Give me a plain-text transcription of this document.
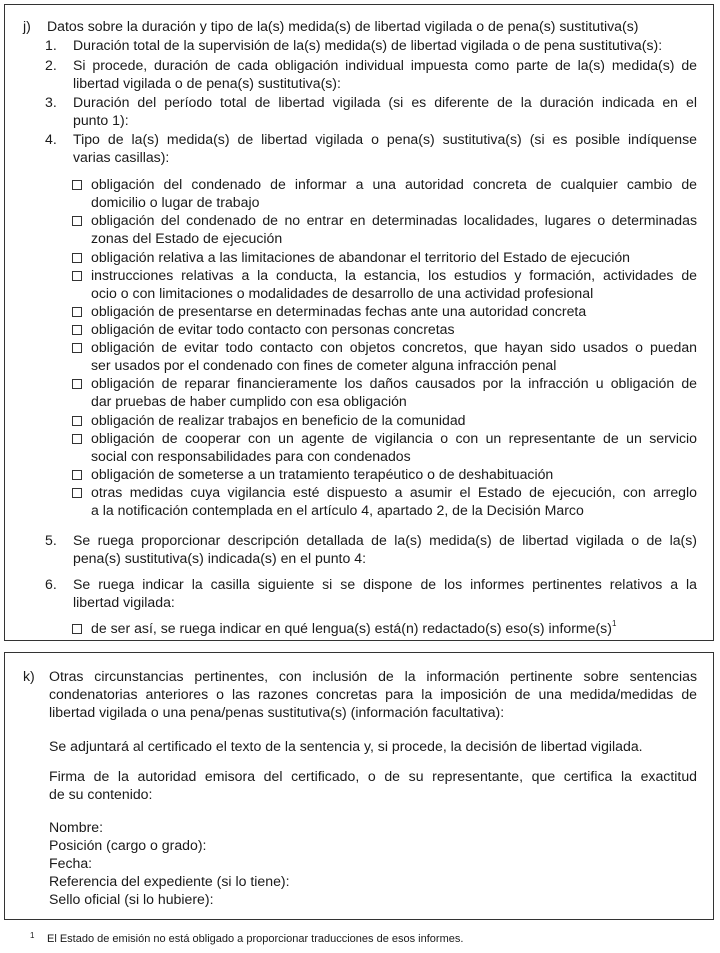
j) Datos sobre la duración y tipo de la(s) medida(s) de libertad vigilada o de pena(s) sustitutiva(s)
1. Duración total de la supervisión de la(s) medida(s) de libertad vigilada o de pena sustitutiva(s):
2. Si procede, duración de cada obligación individual impuesta como parte de la(s) medida(s) de
libertad vigilada o de pena(s) sustitutiva(s):
3. Duración del período total de libertad vigilada (si es diferente de la duración indicada en el
punto 1):
4. Tipo de la(s) medida(s) de libertad vigilada o pena(s) sustitutiva(s) (si es posible indíquense
varias casillas):
obligación del condenado de informar a una autoridad concreta de cualquier cambio de
domicilio o lugar de trabajo
obligación del condenado de no entrar en determinadas localidades, lugares o determinadas
zonas del Estado de ejecución
obligación relativa a las limitaciones de abandonar el territorio del Estado de ejecución
instrucciones relativas a la conducta, la estancia, los estudios y formación, actividades de
ocio o con limitaciones o modalidades de desarrollo de una actividad profesional
obligación de presentarse en determinadas fechas ante una autoridad concreta
obligación de evitar todo contacto con personas concretas
obligación de evitar todo contacto con objetos concretos, que hayan sido usados o puedan
ser usados por el condenado con fines de cometer alguna infracción penal
obligación de reparar financieramente los daños causados por la infracción u obligación de
dar pruebas de haber cumplido con esa obligación
obligación de realizar trabajos en beneficio de la comunidad
obligación de cooperar con un agente de vigilancia o con un representante de un servicio
social con responsabilidades para con condenados
obligación de someterse a un tratamiento terapéutico o de deshabituación
otras medidas cuya vigilancia esté dispuesto a asumir el Estado de ejecución, con arreglo
a la notificación contemplada en el artículo 4, apartado 2, de la Decisión Marco
5. Se ruega proporcionar descripción detallada de la(s) medida(s) de libertad vigilada o de la(s)
pena(s) sustitutiva(s) indicada(s) en el punto 4:
6. Se ruega indicar la casilla siguiente si se dispone de los informes pertinentes relativos a la
libertad vigilada:
de ser así, se ruega indicar en qué lengua(s) está(n) redactado(s) eso(s) $informe(s)^1$
k) Otras circunstancias pertinentes, con inclusión de la información pertinente sobre sentencias
condenatorias anteriores o las razones concretas para la imposición de una medida/medidas de
libertad vigilada o una pena/penas sustitutiva(s) (información facultativa):
Se adjuntará al certificado el texto de la sentencia y, si procede, la decisión de libertad vigilada.
Firma de la autoridad emisora del certificado, o de su representante, que certifica la exactitud
de su contenido:
Nombre:
Posición (cargo o grado):
Fecha:
Referencia del expediente (si lo tiene):
Sello oficial (si lo hubiere):
1 El Estado de emisión no está obligado a proporcionar traducciones de esos informes.
